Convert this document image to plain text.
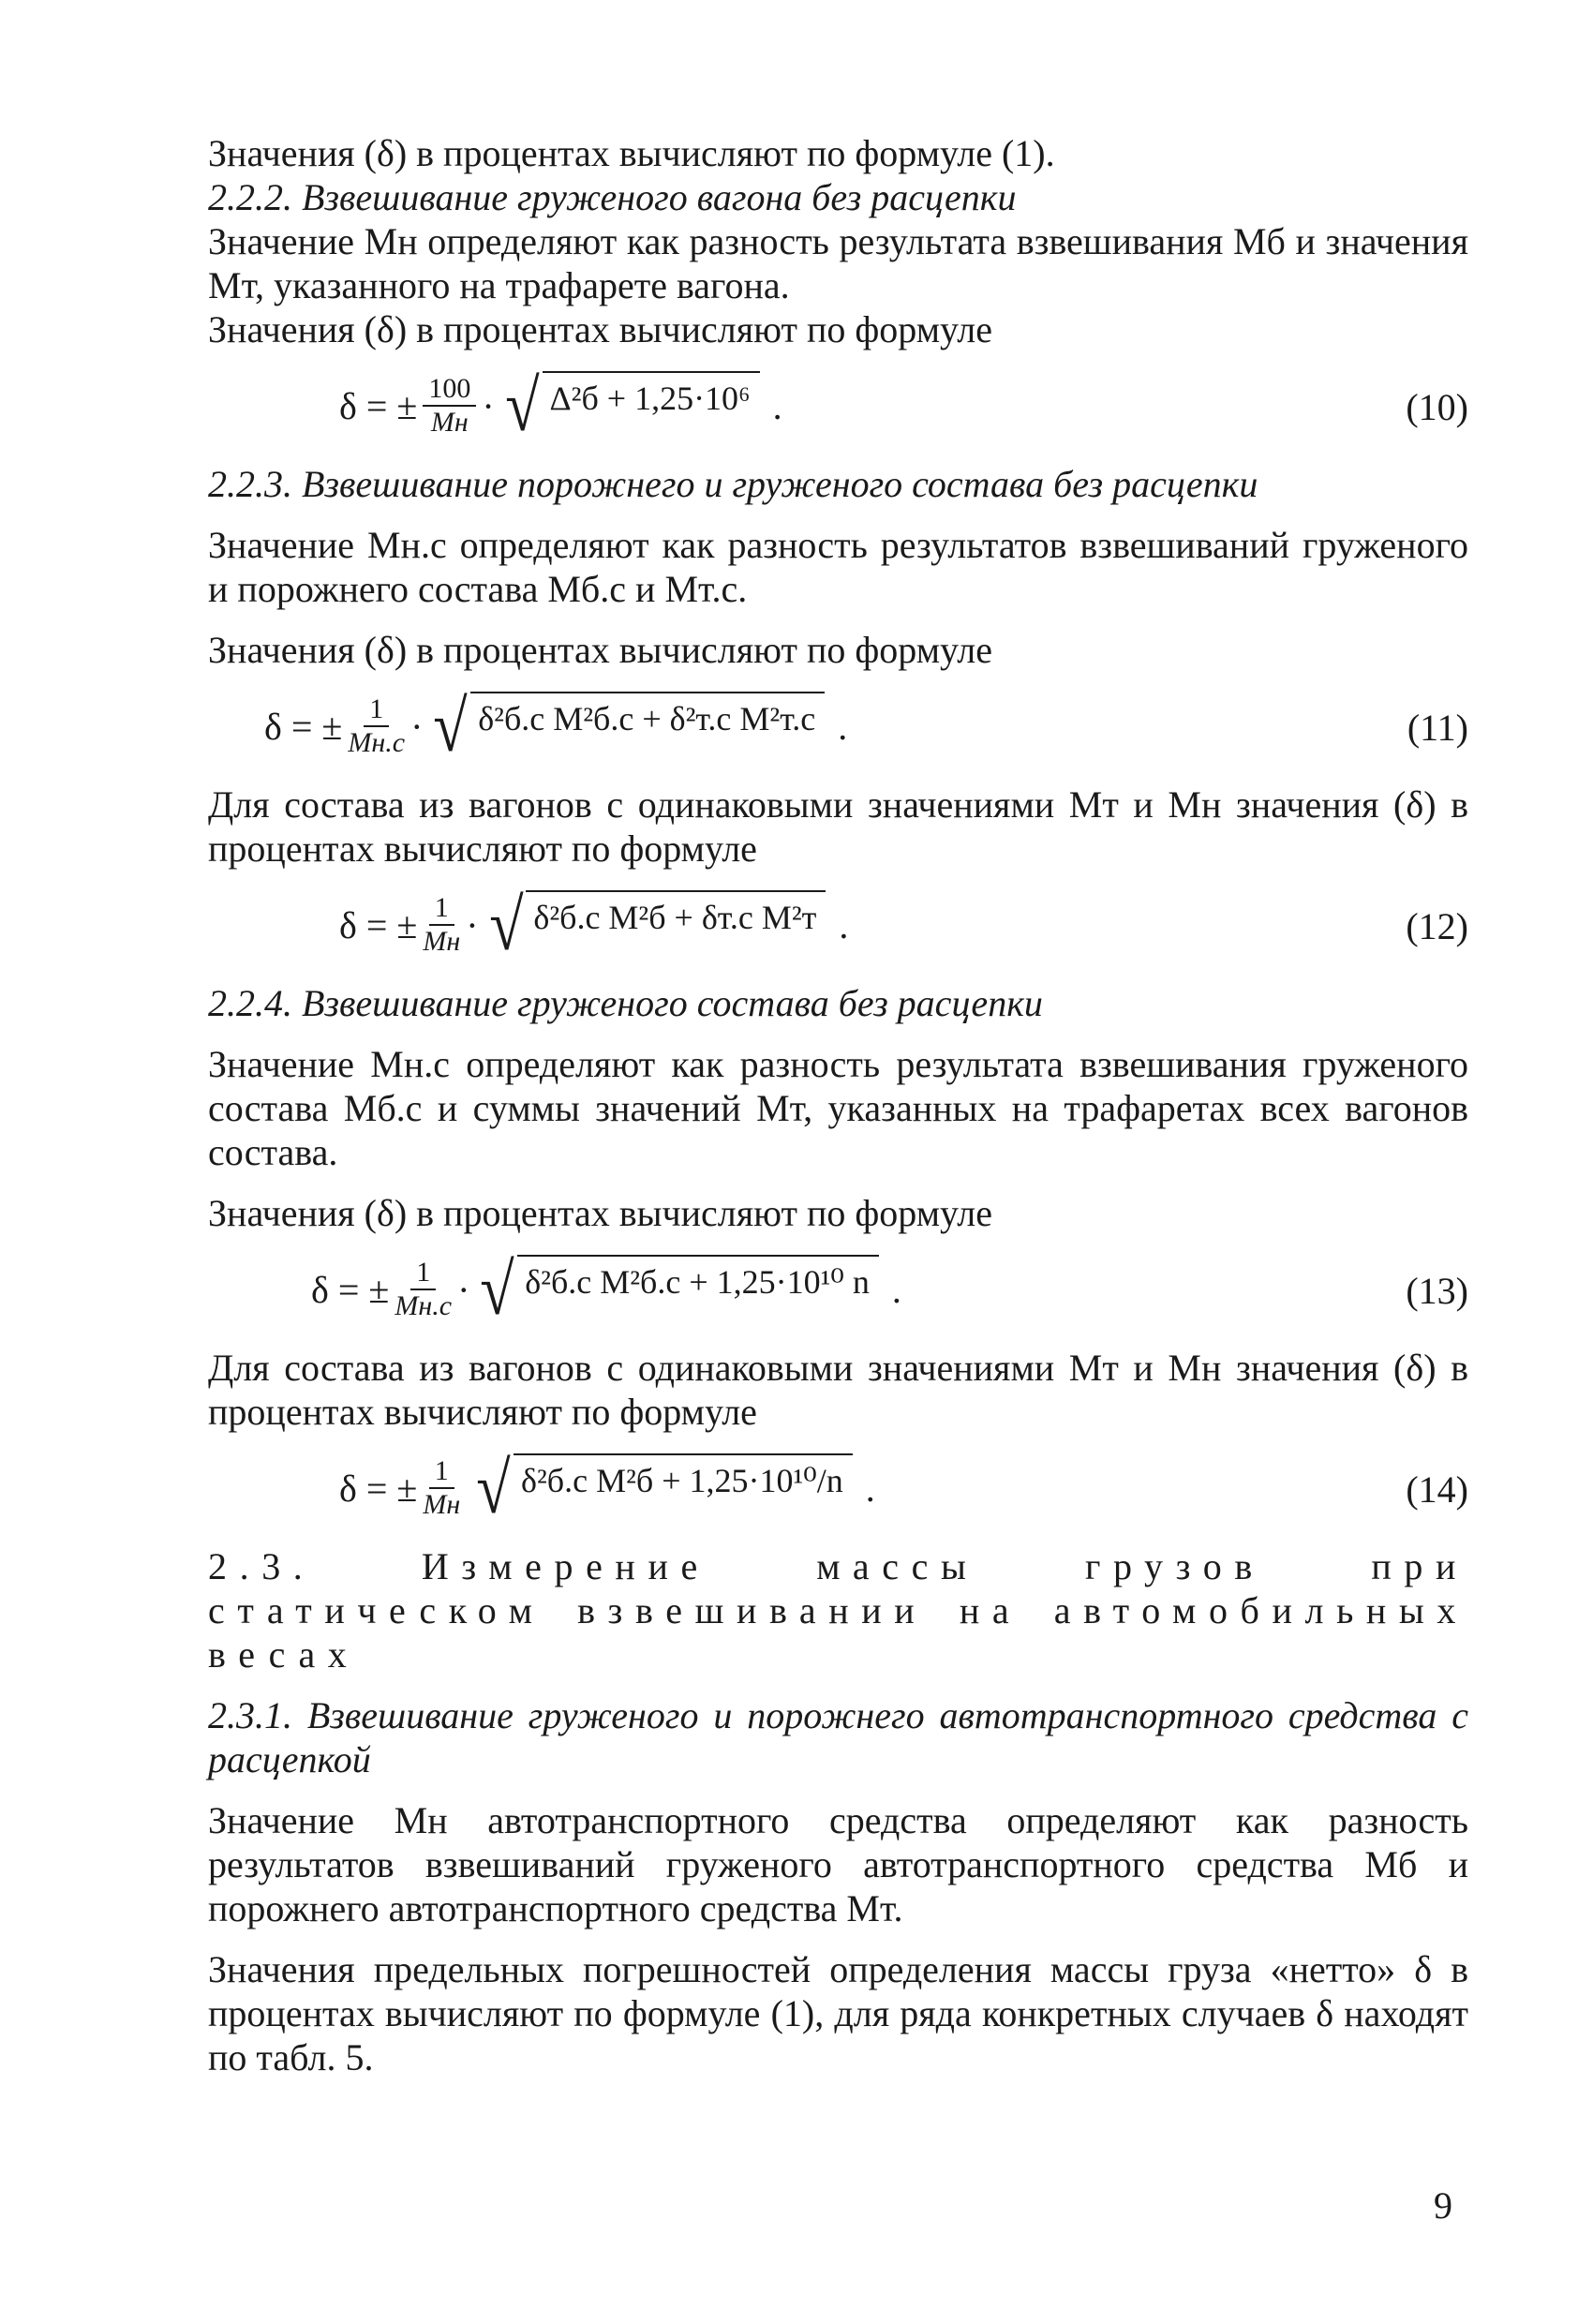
Значения (δ) в процентах вычисляют по формуле (1).

2.2.2. Взвешивание груженого вагона без расцепки

Значение Мн определяют как разность результата взвешивания Мб и значения Мт, указанного на трафарете вагона.

Значения (δ) в процентах вычисляют по формуле

δ = ± $\frac{100}{Мн}$ · √ Δ²б + 1,25·10⁶ .	(10)

2.2.3. Взвешивание порожнего и груженого состава без расцепки

Значение Мн.с определяют как разность результатов взвешиваний груженого и порожнего состава Мб.с и Мт.с.

Значения (δ) в процентах вычисляют по формуле

δ = ± $\frac{1}{Мн.с}$ · √ δ²б.с М²б.с + δ²т.с М²т.с .	(11)

Для состава из вагонов с одинаковыми значениями Мт и Мн значения (δ) в процентах вычисляют по формуле

δ = ± $\frac{1}{Мн}$ · √ δ²б.с М²б + δт.с М²т .	(12)

2.2.4. Взвешивание груженого состава без расцепки

Значение Мн.с определяют как разность результата взвешивания груженого состава Мб.с и суммы значений Мт, указанных на трафаретах всех вагонов состава.

Значения (δ) в процентах вычисляют по формуле

δ = ± $\frac{1}{Мн.с}$ · √ δ²б.с М²б.с + 1,25·10¹⁰ n .	(13)

Для состава из вагонов с одинаковыми значениями Мт и Мн значения (δ) в процентах вычисляют по формуле

δ = ± $\frac{1}{Мн}$ √ δ²б.с М²б + 1,25·10¹⁰/n .	(14)

2.3. Измерение массы грузов при статическом взвешивании на автомобильных весах

2.3.1. Взвешивание груженого и порожнего автотранспортного средства с расцепкой

Значение Мн автотранспортного средства определяют как разность результатов взвешиваний груженого автотранспортного средства Мб и порожнего автотранспортного средства Мт.

Значения предельных погрешностей определения массы груза «нетто» δ в процентах вычисляют по формуле (1), для ряда конкретных случаев δ находят по табл. 5.

9
